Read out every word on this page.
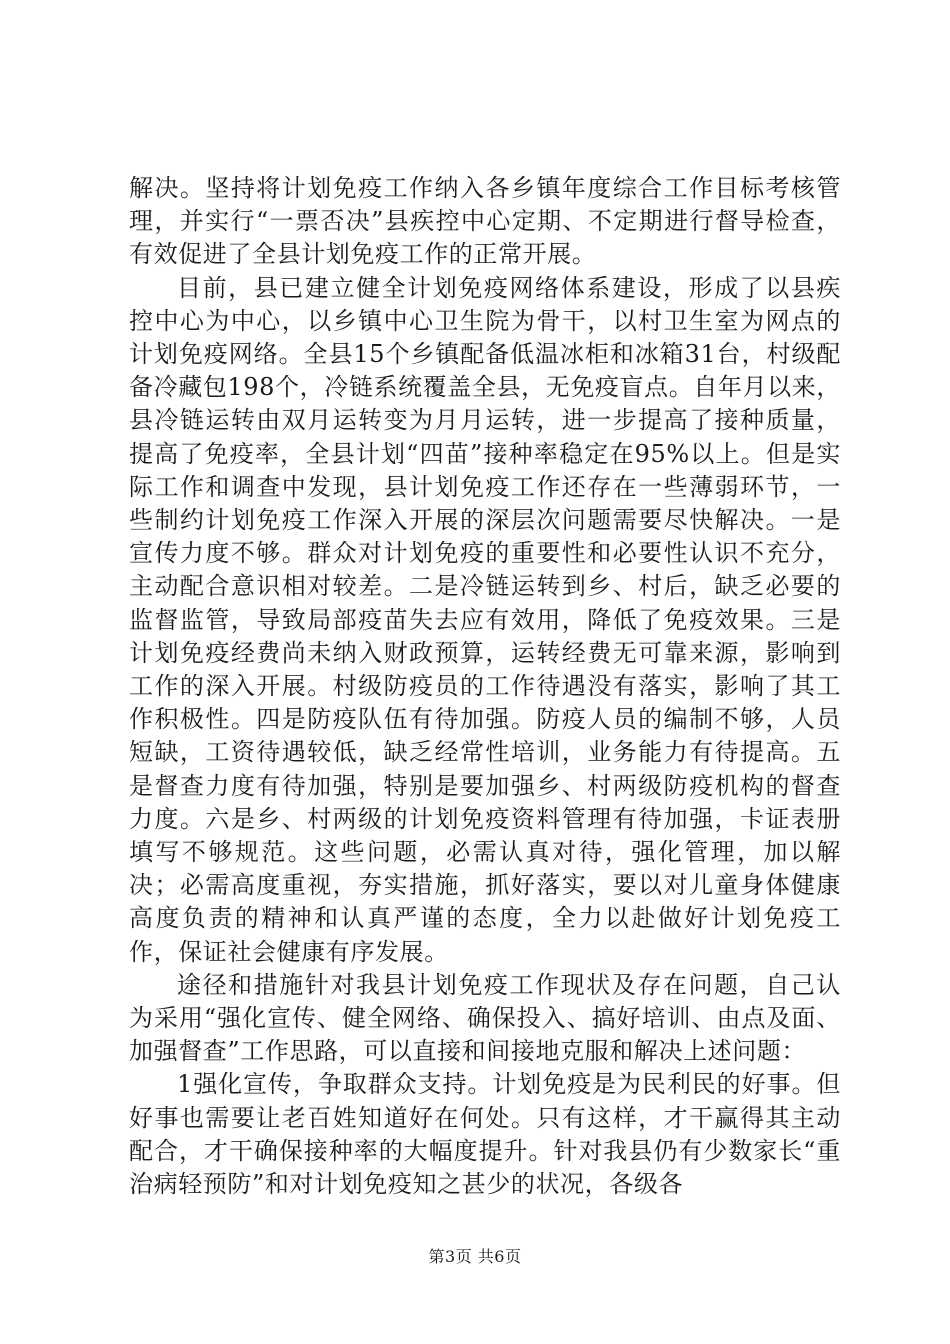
解决。坚持将计划免疫工作纳入各乡镇年度综合工作目标考核管理，并实行“一票否决”县疾控中心定期、不定期进行督导检查，有效促进了全县计划免疫工作的正常开展。

目前，县已建立健全计划免疫网络体系建设，形成了以县疾控中心为中心，以乡镇中心卫生院为骨干，以村卫生室为网点的计划免疫网络。全县15个乡镇配备低温冰柜和冰箱31台，村级配备冷藏包198个，冷链系统覆盖全县，无免疫盲点。自年月以来，县冷链运转由双月运转变为月月运转，进一步提高了接种质量，提高了免疫率，全县计划“四苗”接种率稳定在95%以上。但是实际工作和调查中发现，县计划免疫工作还存在一些薄弱环节，一些制约计划免疫工作深入开展的深层次问题需要尽快解决。一是宣传力度不够。群众对计划免疫的重要性和必要性认识不充分，主动配合意识相对较差。二是冷链运转到乡、村后，缺乏必要的监督监管，导致局部疫苗失去应有效用，降低了免疫效果。三是计划免疫经费尚未纳入财政预算，运转经费无可靠来源，影响到工作的深入开展。村级防疫员的工作待遇没有落实，影响了其工作积极性。四是防疫队伍有待加强。防疫人员的编制不够，人员短缺，工资待遇较低，缺乏经常性培训，业务能力有待提高。五是督查力度有待加强，特别是要加强乡、村两级防疫机构的督查力度。六是乡、村两级的计划免疫资料管理有待加强，卡证表册填写不够规范。这些问题，必需认真对待，强化管理，加以解决；必需高度重视，夯实措施，抓好落实，要以对儿童身体健康高度负责的精神和认真严谨的态度，全力以赴做好计划免疫工作，保证社会健康有序发展。

途径和措施针对我县计划免疫工作现状及存在问题，自己认为采用“强化宣传、健全网络、确保投入、搞好培训、由点及面、加强督查”工作思路，可以直接和间接地克服和解决上述问题：

1强化宣传，争取群众支持。计划免疫是为民利民的好事。但好事也需要让老百姓知道好在何处。只有这样，才干赢得其主动配合，才干确保接种率的大幅度提升。针对我县仍有少数家长“重治病轻预防”和对计划免疫知之甚少的状况，各级各

第3页 共6页
